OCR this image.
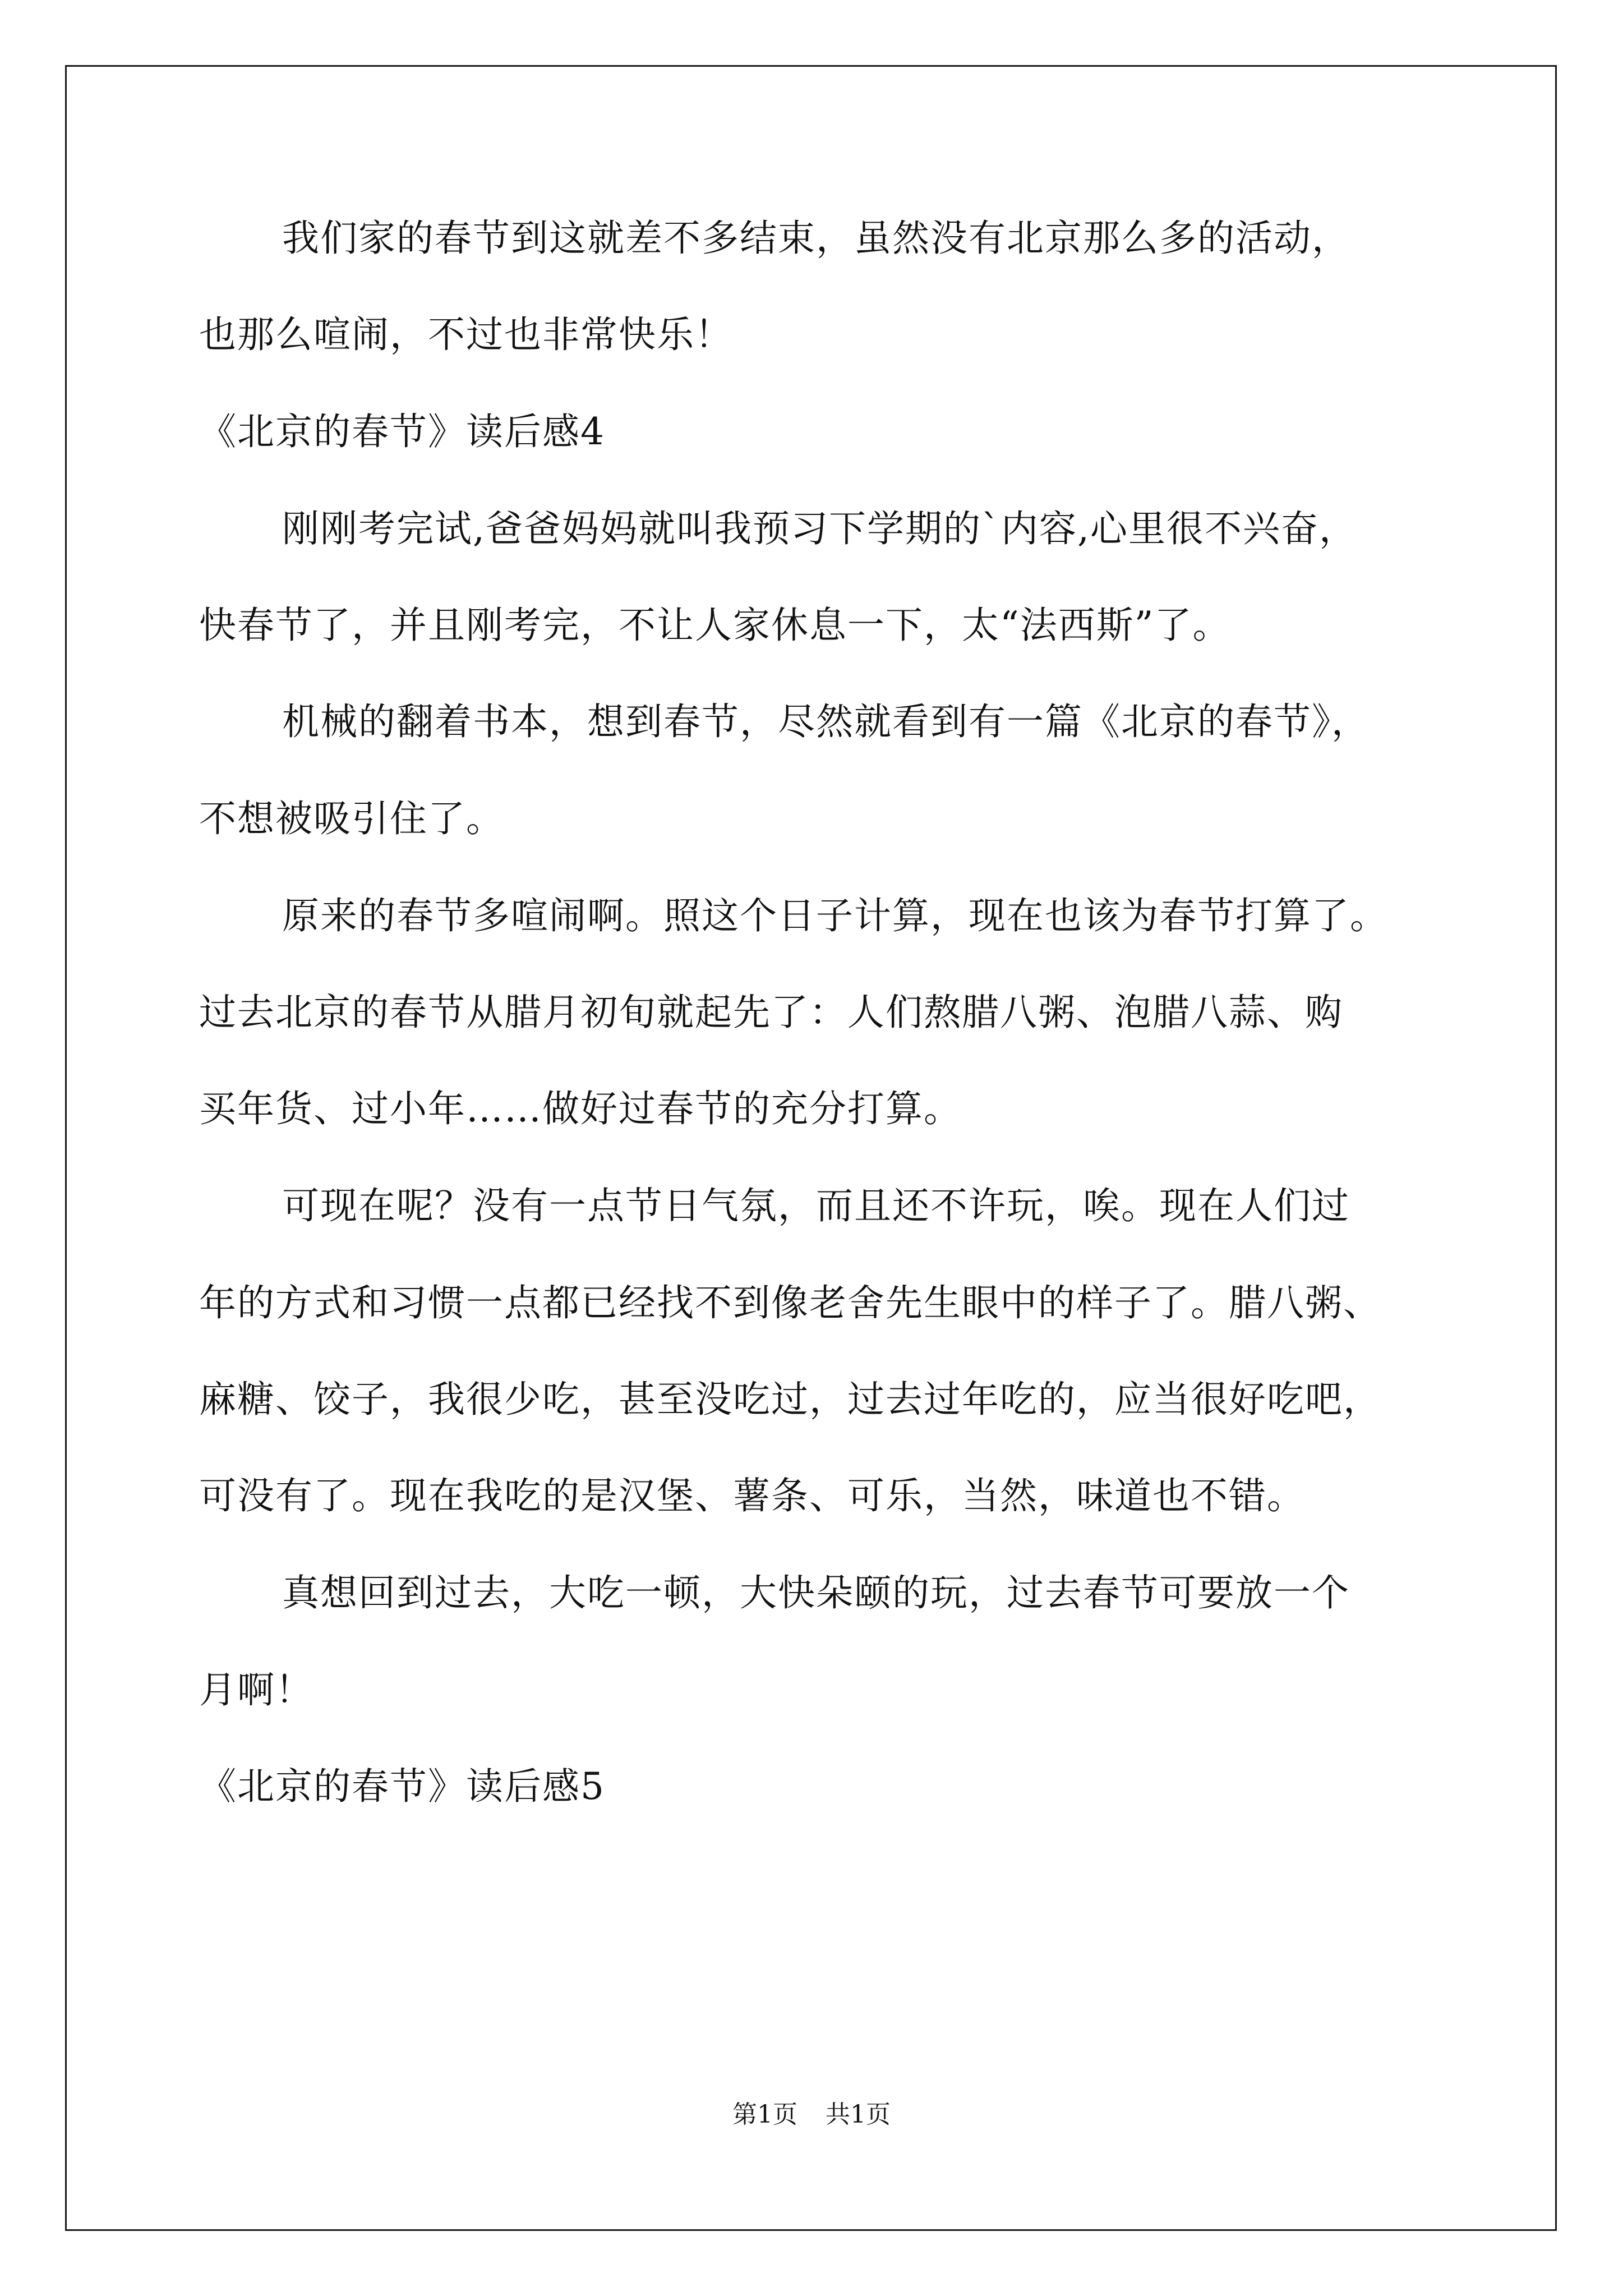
我们家的春节到这就差不多结束，虽然没有北京那么多的活动，
也那么喧闹，不过也非常快乐！
《北京的春节》读后感4
刚刚考完试,爸爸妈妈就叫我预习下学期的`内容,心里很不兴奋，
快春节了，并且刚考完，不让人家休息一下，太“法西斯”了。
机械的翻着书本，想到春节，尽然就看到有一篇《北京的春节》，
不想被吸引住了。
原来的春节多喧闹啊。照这个日子计算，现在也该为春节打算了。
过去北京的春节从腊月初旬就起先了：人们熬腊八粥、泡腊八蒜、购
买年货、过小年……做好过春节的充分打算。
可现在呢？没有一点节日气氛，而且还不许玩，唉。现在人们过
年的方式和习惯一点都已经找不到像老舍先生眼中的样子了。腊八粥、
麻糖、饺子，我很少吃，甚至没吃过，过去过年吃的，应当很好吃吧，
可没有了。现在我吃的是汉堡、薯条、可乐，当然，味道也不错。
真想回到过去，大吃一顿，大快朵颐的玩，过去春节可要放一个
月啊！
《北京的春节》读后感5
第1页 共1页
